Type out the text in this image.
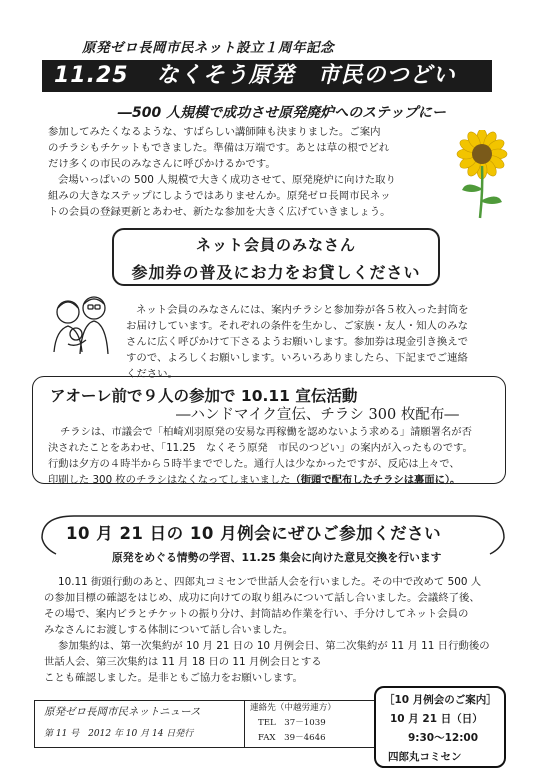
原発ゼロ長岡市民ネット設立１周年記念
11.25 なくそう原発　市民のつどい
―500 人規模で成功させ原発廃炉へのステップにー
参加してみたくなるような、すばらしい講師陣も決まりました。ご案内
のチラシもチケットもできました。準備は万端です。あとは草の根でどれ
だけ多くの市民のみなさんに呼びかけるかです。
会場いっぱいの 500 人規模で大きく成功させて、原発廃炉に向けた取り
組みの大きなステップにしようではありませんか。原発ゼロ長岡市民ネッ
トの会員の登録更新とあわせ、新たな参加を大きく広げていきましょう。
ネット会員のみなさん
参加券の普及にお力をお貸しください
ネット会員のみなさんには、案内チラシと参加券が各５枚入った封筒を
お届けしています。それぞれの条件を生かし、ご家族・友人・知人のみな
さんに広く呼びかけて下さるようお願いします。参加券は現金引き換えで
すので、よろしくお願いします。いろいろありましたら、下記までご連絡
ください。
アオーレ前で９人の参加で 10.11 宣伝活動
―ハンドマイク宣伝、チラシ 300 枚配布―
チラシは、市議会で「柏崎刈羽原発の安易な再稼働を認めないよう求める」請願署名が否
決されたことをあわせ、「11.25　なくそう原発　市民のつどい」の案内が入ったものです。
行動は夕方の４時半から５時半まででした。通行人は少なかったですが、反応は上々で、
印刷した 300 枚のチラシはなくなってしまいました（街頭で配布したチラシは裏面に）。
10 月 21 日の 10 月例会にぜひご参加ください
原発をめぐる情勢の学習、11.25 集会に向けた意見交換を行います
10.11 街頭行動のあと、四郎丸コミセンで世話人会を行いました。その中で改めて 500 人
の参加目標の確認をはじめ、成功に向けての取り組みについて話し合いました。会議終了後、
その場で、案内ビラとチケットの振り分け、封筒詰め作業を行い、手分けしてネット会員の
みなさんにお渡しする体制について話し合いました。
参加集約は、第一次集約が 10 月 21 日の 10 月例会日、第二次集約が 11 月 11 日行動後の
世話人会、第三次集約は 11 月 18 日の 11 月例会日とする
ことも確認しました。是非ともご協力をお願いします。
原発ゼロ長岡市民ネットニュース
第 11 号　2012 年 10 月 14 日発行
連絡先（中越労連方）
TEL　37－1039
FAX　39－4646
［10 月例会のご案内］
10 月 21 日（日）
9:30～12:00
四郎丸コミセン
